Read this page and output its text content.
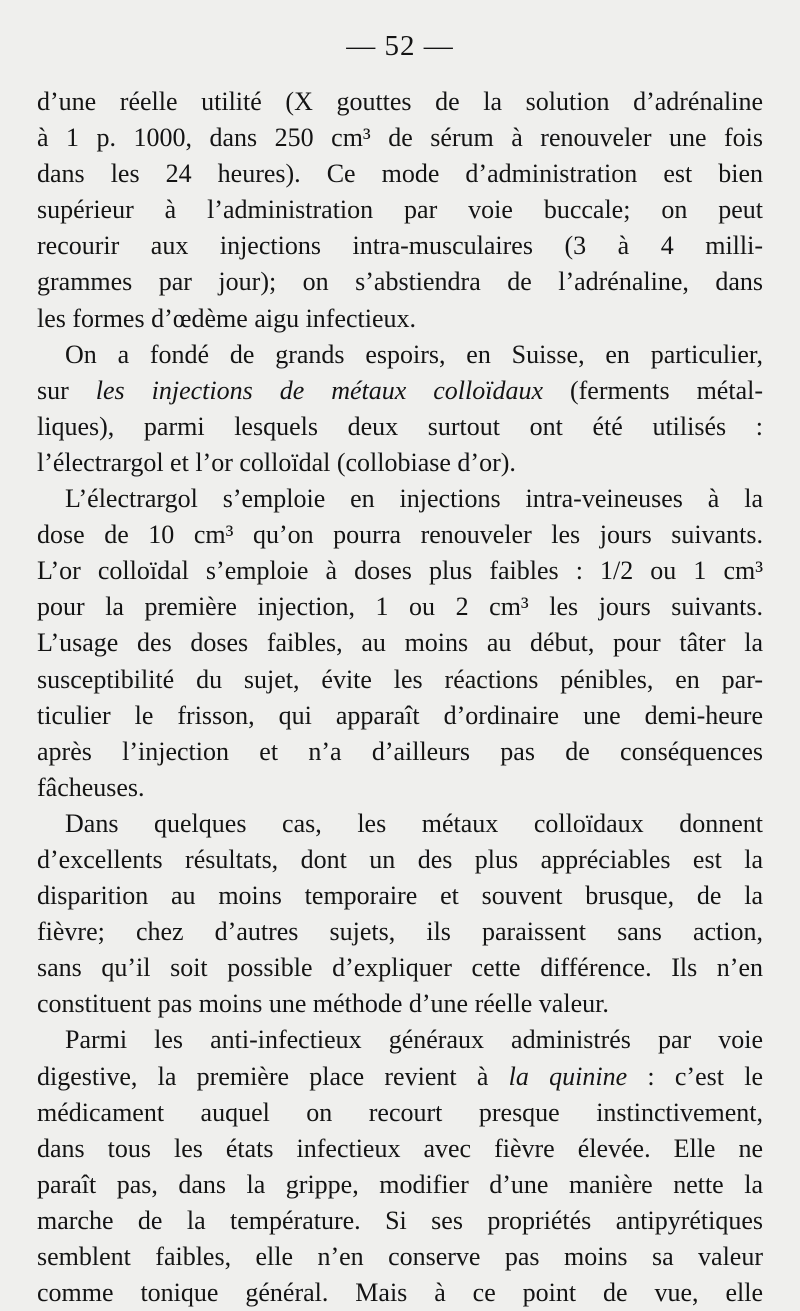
— 52 —
d’une réelle utilité (X gouttes de la solution d’adrénaline
à 1 p. 1000, dans 250 cm³ de sérum à renouveler une fois
dans les 24 heures). Ce mode d’administration est bien
supérieur à l’administration par voie buccale; on peut
recourir aux injections intra-musculaires (3 à 4 milli-
grammes par jour); on s’abstiendra de l’adrénaline, dans
les formes d’œdème aigu infectieux.
On a fondé de grands espoirs, en Suisse, en particulier,
sur les injections de métaux colloïdaux (ferments métal-
liques), parmi lesquels deux surtout ont été utilisés :
l’électrargol et l’or colloïdal (collobiase d’or).
L’électrargol s’emploie en injections intra-veineuses à la
dose de 10 cm³ qu’on pourra renouveler les jours suivants.
L’or colloïdal s’emploie à doses plus faibles : 1/2 ou 1 cm³
pour la première injection, 1 ou 2 cm³ les jours suivants.
L’usage des doses faibles, au moins au début, pour tâter la
susceptibilité du sujet, évite les réactions pénibles, en par-
ticulier le frisson, qui apparaît d’ordinaire une demi-heure
après l’injection et n’a d’ailleurs pas de conséquences
fâcheuses.
Dans quelques cas, les métaux colloïdaux donnent
d’excellents résultats, dont un des plus appréciables est la
disparition au moins temporaire et souvent brusque, de la
fièvre; chez d’autres sujets, ils paraissent sans action,
sans qu’il soit possible d’expliquer cette différence. Ils n’en
constituent pas moins une méthode d’une réelle valeur.
Parmi les anti-infectieux généraux administrés par voie
digestive, la première place revient à la quinine : c’est le
médicament auquel on recourt presque instinctivement,
dans tous les états infectieux avec fièvre élevée. Elle ne
paraît pas, dans la grippe, modifier d’une manière nette la
marche de la température. Si ses propriétés antipyrétiques
semblent faibles, elle n’en conserve pas moins sa valeur
comme tonique général. Mais à ce point de vue, elle
